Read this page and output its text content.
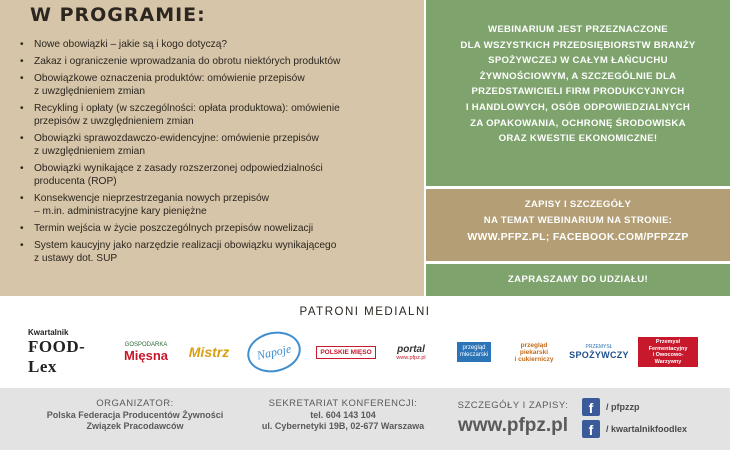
W PROGRAMIE:
• Nowe obowiązki – jakie są i kogo dotyczą?
• Zakaz i ograniczenie wprowadzania do obrotu niektórych produktów
• Obowiązkowe oznaczenia produktów: omówienie przepisów
z uwzględnieniem zmian
• Recykling i opłaty (w szczególności: opłata produktowa): omówienie
przepisów z uwzględnieniem zmian
• Obowiązki sprawozdawczo-ewidencyjne: omówienie przepisów
z uwzględnieniem zmian
• Obowiązki wynikające z zasady rozszerzonej odpowiedzialności
producenta (ROP)
• Konsekwencje nieprzestrzegania nowych przepisów
– m.in. administracyjne kary pieniężne
• Termin wejścia w życie poszczególnych przepisów nowelizacji
• System kaucyjny jako narzędzie realizacji obowiązku wynikającego
z ustawy dot. SUP
WEBINARIUM JEST PRZEZNACZONE
DLA WSZYSTKICH PRZEDSIĘBIORSTW BRANŻY
SPOŻYWCZEJ W CAŁYM ŁAŃCUCHU
ŻYWNOŚCIOWYM, A SZCZEGÓLNIE DLA
PRZEDSTAWICIELI FIRM PRODUKCYJNYCH
I HANDLOWYCH, OSÓB ODPOWIEDZIALNYCH
ZA OPAKOWANIA, OCHRONĘ ŚRODOWISKA
ORAZ KWESTIE EKONOMICZNE!
ZAPISY I SZCZEGÓŁY
NA TEMAT WEBINARIUM NA STRONIE:
WWW.PFPZ.PL; FACEBOOK.COM/PFPZZP
ZAPRASZAMY DO UDZIAŁU!
PATRONI MEDIALNI
Kwartalnik
FOOD-Lex
GOSPODARKA
Mięsna Mistrz Napoje	POLSKIE MIĘSO	portal
www.pfpz.pl
przegląd
mleczarski
przegląd
piekarski
i cukierniczy
PRZEMYSŁ
SPOŻYWCZY
Przemysł
Fermentacyjny
i Owocowo-Warzywny
ORGANIZATOR:
Polska Federacja Producentów Żywności
Związek Pracodawców
SEKRETARIAT KONFERENCJI:
tel. 604 143 104
ul. Cybernetyki 19B, 02-677 Warszawa
SZCZEGÓŁY I ZAPISY:
www.pfpz.pl
f	/ pfpzzp
f	/ kwartalnikfoodlex
